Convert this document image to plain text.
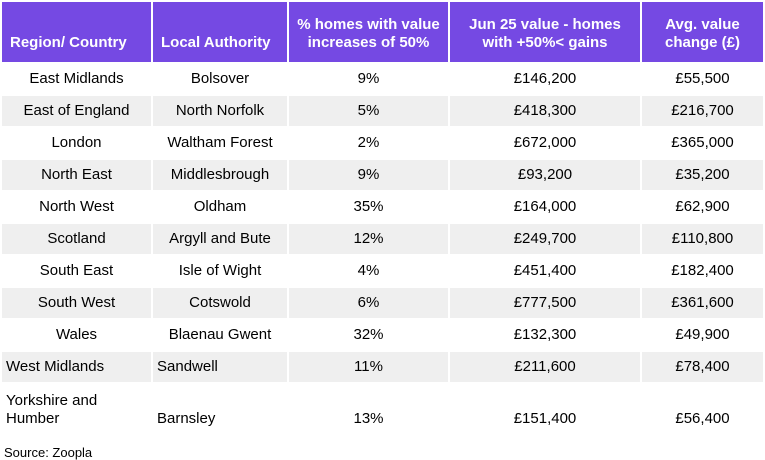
Region/ Country	Local Authority	% homes with value increases of 50%	Jun 25 value - homes with +50%< gains	Avg. value change (£)
East Midlands	Bolsover	9%	£146,200	£55,500
East of England	North Norfolk	5%	£418,300	£216,700
London	Waltham Forest	2%	£672,000	£365,000
North East	Middlesbrough	9%	£93,200	£35,200
North West	Oldham	35%	£164,000	£62,900
Scotland	Argyll and Bute	12%	£249,700	£110,800
South East	Isle of Wight	4%	£451,400	£182,400
South West	Cotswold	6%	£777,500	£361,600
Wales	Blaenau Gwent	32%	£132,300	£49,900
West Midlands	Sandwell	11%	£211,600	£78,400
Yorkshire and Humber	Barnsley	13%	£151,400	£56,400
Source: Zoopla
